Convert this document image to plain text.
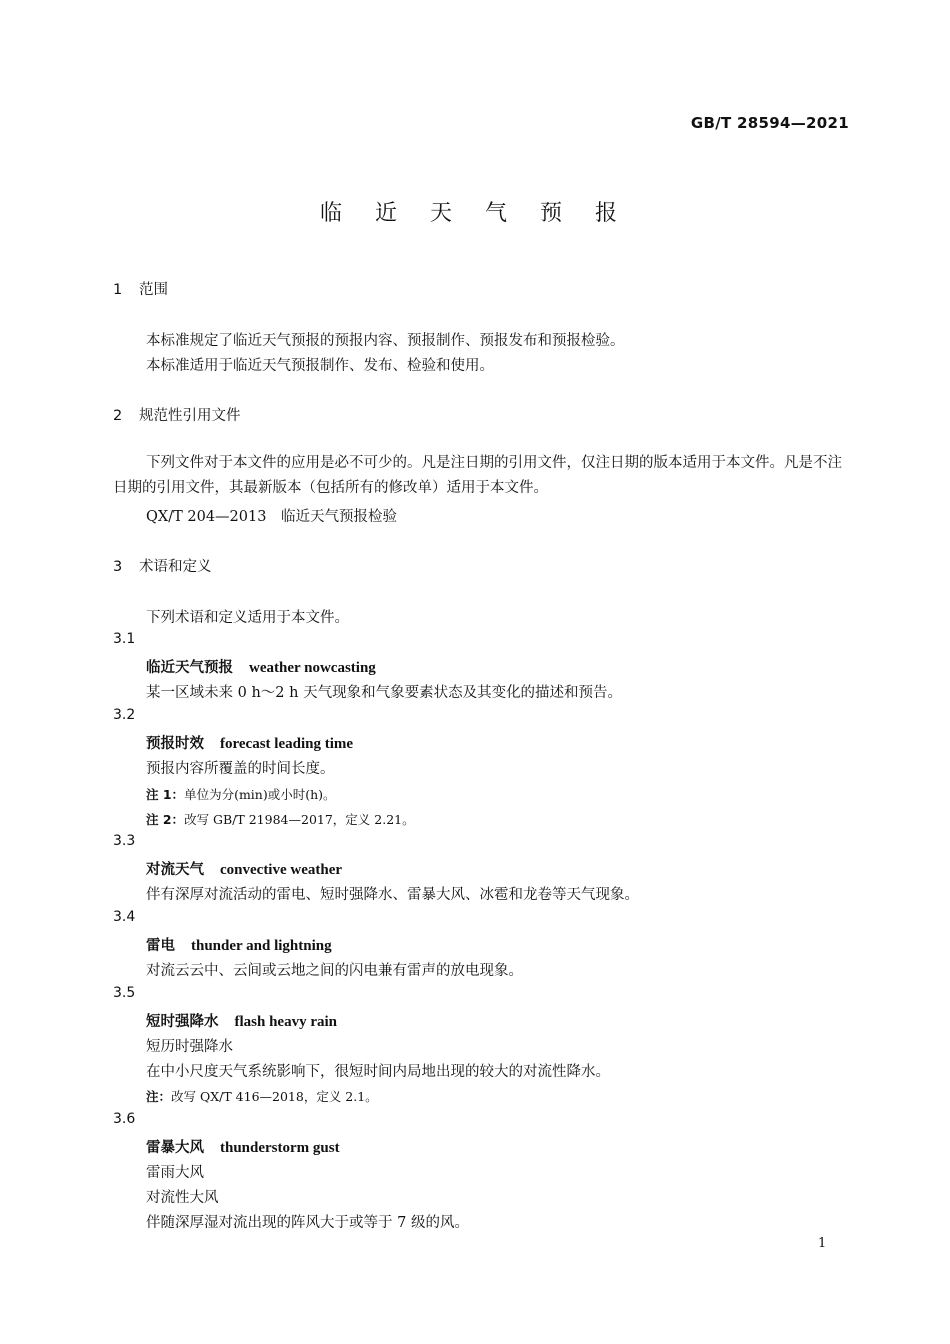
GB/T 28594—2021
临 近 天 气 预 报
1 范围
本标准规定了临近天气预报的预报内容、预报制作、预报发布和预报检验。
本标准适用于临近天气预报制作、发布、检验和使用。
2 规范性引用文件
下列文件对于本文件的应用是必不可少的。凡是注日期的引用文件，仅注日期的版本适用于本文件。凡是不注日期的引用文件，其最新版本（包括所有的修改单）适用于本文件。
QX/T 204—2013　临近天气预报检验
3 术语和定义
下列术语和定义适用于本文件。
3.1
临近天气预报 weather nowcasting
某一区域未来 0 h～2 h 天气现象和气象要素状态及其变化的描述和预告。
3.2
预报时效 forecast leading time
预报内容所覆盖的时间长度。
注 1：单位为分(min)或小时(h)。
注 2：改写 GB/T 21984—2017，定义 2.21。
3.3
对流天气 convective weather
伴有深厚对流活动的雷电、短时强降水、雷暴大风、冰雹和龙卷等天气现象。
3.4
雷电 thunder and lightning
对流云云中、云间或云地之间的闪电兼有雷声的放电现象。
3.5
短时强降水 flash heavy rain
短历时强降水
在中小尺度天气系统影响下，很短时间内局地出现的较大的对流性降水。
注：改写 QX/T 416—2018，定义 2.1。
3.6
雷暴大风 thunderstorm gust
雷雨大风
对流性大风
伴随深厚湿对流出现的阵风大于或等于 7 级的风。
1
